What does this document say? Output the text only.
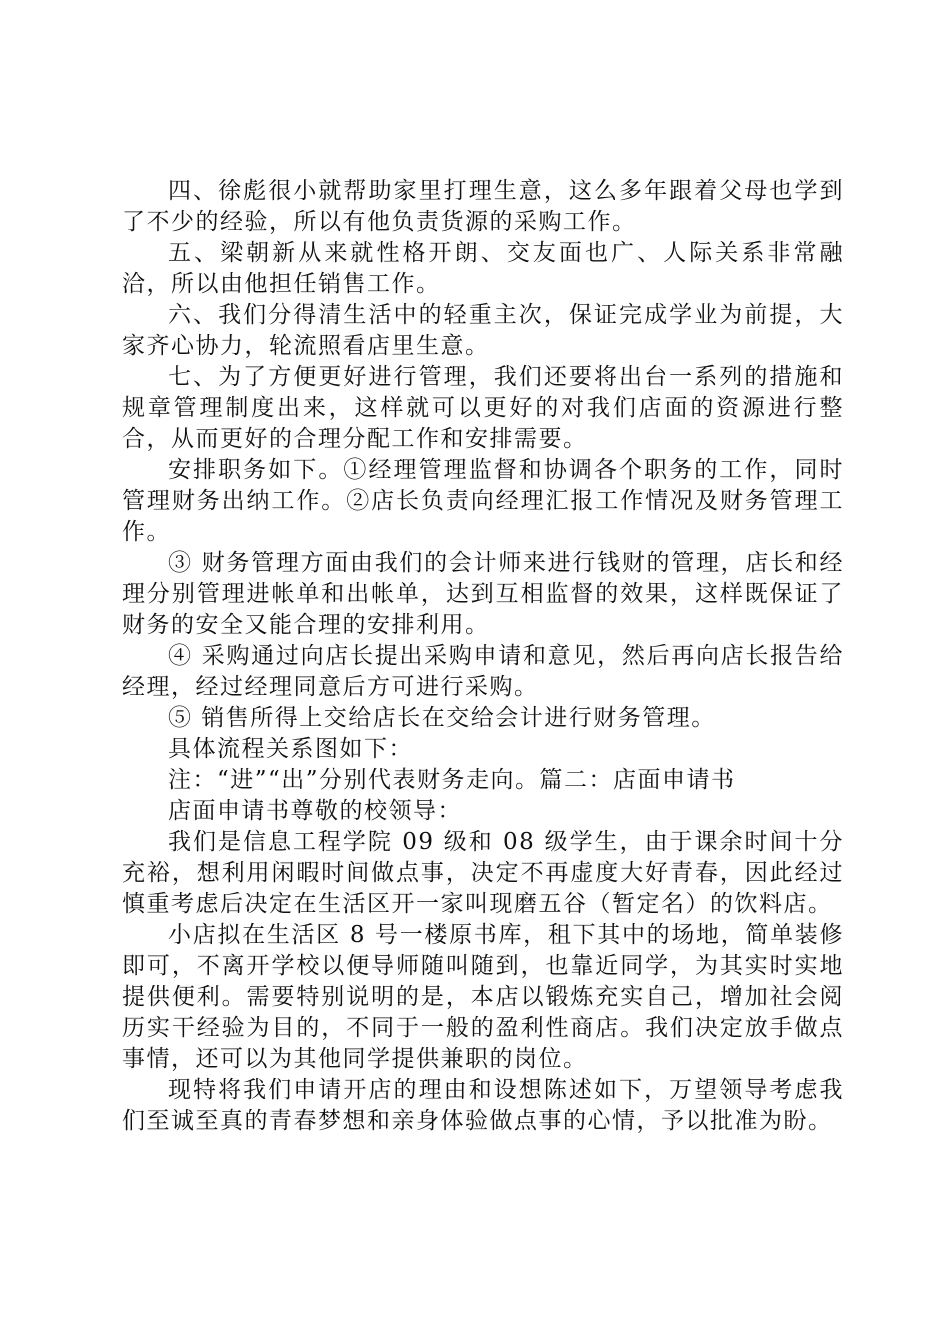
四、徐彪很小就帮助家里打理生意，这么多年跟着父母也学到了不少的经验，所以有他负责货源的采购工作。

五、梁朝新从来就性格开朗、交友面也广、人际关系非常融洽，所以由他担任销售工作。

六、我们分得清生活中的轻重主次，保证完成学业为前提，大家齐心协力，轮流照看店里生意。

七、为了方便更好进行管理，我们还要将出台一系列的措施和规章管理制度出来，这样就可以更好的对我们店面的资源进行整合，从而更好的合理分配工作和安排需要。

安排职务如下。①经理管理监督和协调各个职务的工作，同时管理财务出纳工作。②店长负责向经理汇报工作情况及财务管理工作。

③ 财务管理方面由我们的会计师来进行钱财的管理，店长和经理分别管理进帐单和出帐单，达到互相监督的效果，这样既保证了财务的安全又能合理的安排利用。

④ 采购通过向店长提出采购申请和意见，然后再向店长报告给经理，经过经理同意后方可进行采购。

⑤ 销售所得上交给店长在交给会计进行财务管理。

具体流程关系图如下：

注：“进”“出”分别代表财务走向。篇二：店面申请书

店面申请书尊敬的校领导：

我们是信息工程学院 09 级和 08 级学生，由于课余时间十分充裕，想利用闲暇时间做点事，决定不再虚度大好青春，因此经过慎重考虑后决定在生活区开一家叫现磨五谷（暂定名）的饮料店。

小店拟在生活区 8 号一楼原书库，租下其中的场地，简单装修即可，不离开学校以便导师随叫随到，也靠近同学，为其实时实地提供便利。需要特别说明的是，本店以锻炼充实自己，增加社会阅历实干经验为目的，不同于一般的盈利性商店。我们决定放手做点事情，还可以为其他同学提供兼职的岗位。

现特将我们申请开店的理由和设想陈述如下，万望领导考虑我们至诚至真的青春梦想和亲身体验做点事的心情，予以批准为盼。
